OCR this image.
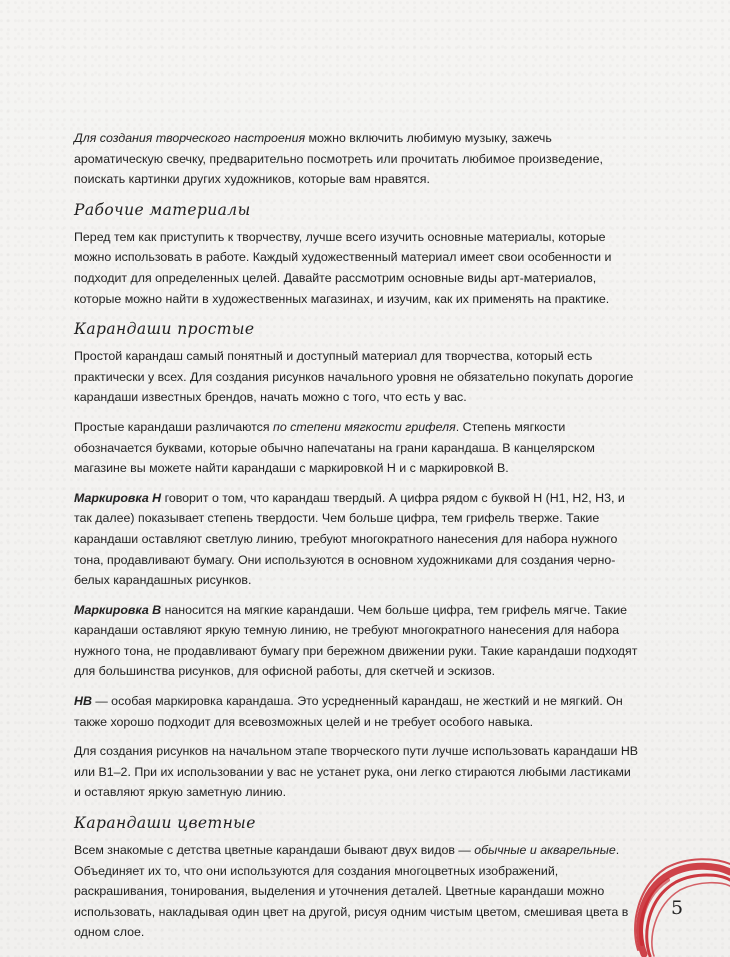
Для создания творческого настроения можно включить любимую музыку, зажечь ароматическую свечку, предварительно посмотреть или прочитать любимое произведение, поискать картинки других художников, которые вам нравятся.

Рабочие материалы

Перед тем как приступить к творчеству, лучше всего изучить основные материалы, которые можно использовать в работе. Каждый художественный материал имеет свои особенности и подходит для определенных целей. Давайте рассмотрим основные виды арт-материалов, которые можно найти в художественных магазинах, и изучим, как их применять на практике.

Карандаши простые

Простой карандаш самый понятный и доступный материал для творчества, который есть практически у всех. Для создания рисунков начального уровня не обязательно покупать дорогие карандаши известных брендов, начать можно с того, что есть у вас.

Простые карандаши различаются по степени мягкости грифеля. Степень мягкости обозначается буквами, которые обычно напечатаны на грани карандаша. В канцелярском магазине вы можете найти карандаши с маркировкой H и с маркировкой B.

Маркировка H говорит о том, что карандаш твердый. А цифра рядом с буквой H (H1, H2, H3, и так далее) показывает степень твердости. Чем больше цифра, тем грифель тверже. Такие карандаши оставляют светлую линию, требуют многократного нанесения для набора нужного тона, продавливают бумагу. Они используются в основном художниками для создания черно-белых карандашных рисунков.

Маркировка B наносится на мягкие карандаши. Чем больше цифра, тем грифель мягче. Такие карандаши оставляют яркую темную линию, не требуют многократного нанесения для набора нужного тона, не продавливают бумагу при бережном движении руки. Такие карандаши подходят для большинства рисунков, для офисной работы, для скетчей и эскизов.

HB — особая маркировка карандаша. Это усредненный карандаш, не жесткий и не мягкий. Он также хорошо подходит для всевозможных целей и не требует особого навыка.

Для создания рисунков на начальном этапе творческого пути лучше использовать карандаши HB или B1–2. При их использовании у вас не устанет рука, они легко стираются любыми ластиками и оставляют яркую заметную линию.

Карандаши цветные

Всем знакомые с детства цветные карандаши бывают двух видов — обычные и акварельные. Объединяет их то, что они используются для создания многоцветных изображений, раскрашивания, тонирования, выделения и уточнения деталей. Цветные карандаши можно использовать, накладывая один цвет на другой, рисуя одним чистым цветом, смешивая цвета в одном слое.

5
